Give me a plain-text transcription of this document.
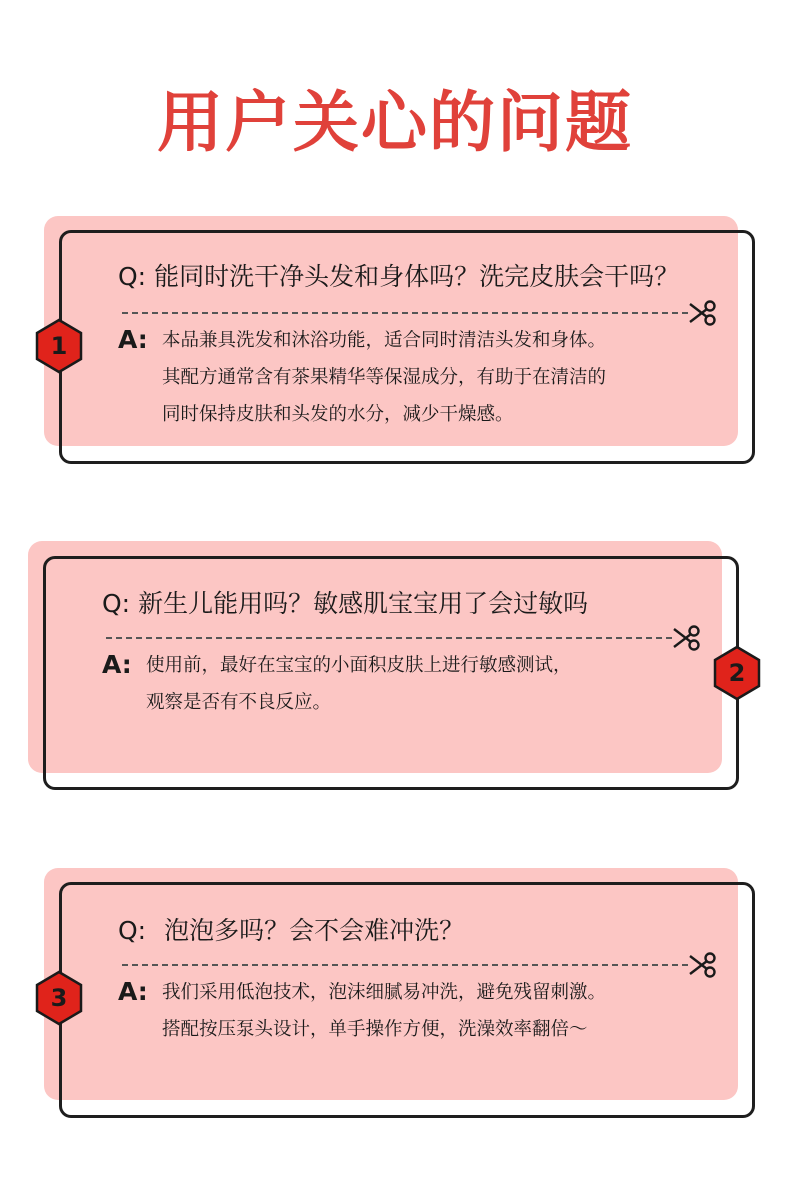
用户关心的问题
Q: 能同时洗干净头发和身体吗？洗完皮肤会干吗？
A: 本品兼具洗发和沐浴功能，适合同时清洁头发和身体。
其配方通常含有茶果精华等保湿成分，有助于在清洁的
同时保持皮肤和头发的水分，减少干燥感。
1
Q: 新生儿能用吗？敏感肌宝宝用了会过敏吗
A: 使用前，最好在宝宝的小面积皮肤上进行敏感测试，
观察是否有不良反应。
2
Q: 泡泡多吗？会不会难冲洗？
A: 我们采用低泡技术，泡沫细腻易冲洗，避免残留刺激。
搭配按压泵头设计，单手操作方便，洗澡效率翻倍～
3
